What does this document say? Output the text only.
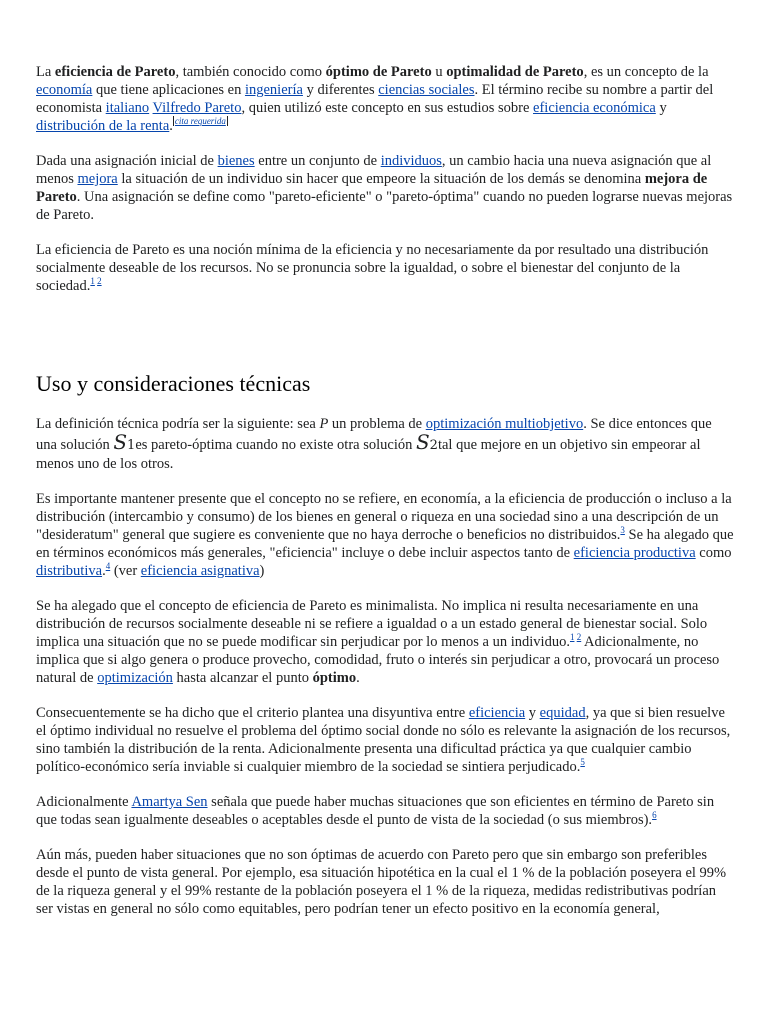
La eficiencia de Pareto, también conocido como óptimo de Pareto u optimalidad de Pareto, es un concepto de la economía que tiene aplicaciones en ingeniería y diferentes ciencias sociales. El término recibe su nombre a partir del economista italiano Vilfredo Pareto, quien utilizó este concepto en sus estudios sobre eficiencia económica y distribución de la renta. $^{cita requerida}$

Dada una asignación inicial de bienes entre un conjunto de individuos, un cambio hacia una nueva asignación que al menos mejora la situación de un individuo sin hacer que empeore la situación de los demás se denomina mejora de Pareto. Una asignación se define como "pareto-eficiente" o "pareto-óptima" cuando no pueden lograrse nuevas mejoras de Pareto.

La eficiencia de Pareto es una noción mínima de la eficiencia y no necesariamente da por resultado una distribución socialmente deseable de los recursos. No se pronuncia sobre la igualdad, o sobre el bienestar del conjunto de la sociedad.$^{1 2}$

Uso y consideraciones técnicas

La definición técnica podría ser la siguiente: sea P un problema de optimización multiobjetivo. Se dice entonces que una solución S1es pareto-óptima cuando no existe otra solución S2tal que mejore en un objetivo sin empeorar al menos uno de los otros.

Es importante mantener presente que el concepto no se refiere, en economía, a la eficiencia de producción o incluso a la distribución (intercambio y consumo) de los bienes en general o riqueza en una sociedad sino a una descripción de un "desideratum" general que sugiere es conveniente que no haya derroche o beneficios no distribuidos.$^3$ Se ha alegado que en términos económicos más generales, "eficiencia" incluye o debe incluir aspectos tanto de eficiencia productiva como distributiva.$^4$ (ver eficiencia asignativa)

Se ha alegado que el concepto de eficiencia de Pareto es minimalista. No implica ni resulta necesariamente en una distribución de recursos socialmente deseable ni se refiere a igualdad o a un estado general de bienestar social. Solo implica una situación que no se puede modificar sin perjudicar por lo menos a un individuo.$^{1 2}$ Adicionalmente, no implica que si algo genera o produce provecho, comodidad, fruto o interés sin perjudicar a otro, provocará un proceso natural de optimización hasta alcanzar el punto óptimo.

Consecuentemente se ha dicho que el criterio plantea una disyuntiva entre eficiencia y equidad, ya que si bien resuelve el óptimo individual no resuelve el problema del óptimo social donde no sólo es relevante la asignación de los recursos, sino también la distribución de la renta. Adicionalmente presenta una dificultad práctica ya que cualquier cambio político-económico sería inviable si cualquier miembro de la sociedad se sintiera perjudicado.$^5$

Adicionalmente Amartya Sen señala que puede haber muchas situaciones que son eficientes en término de Pareto sin que todas sean igualmente deseables o aceptables desde el punto de vista de la sociedad (o sus miembros).$^6$

Aún más, pueden haber situaciones que no son óptimas de acuerdo con Pareto pero que sin embargo son preferibles desde el punto de vista general. Por ejemplo, esa situación hipotética en la cual el 1 % de la población poseyera el 99% de la riqueza general y el 99% restante de la población poseyera el 1 % de la riqueza, medidas redistributivas podrían ser vistas en general no sólo como equitables, pero podrían tener un efecto positivo en la economía general,
